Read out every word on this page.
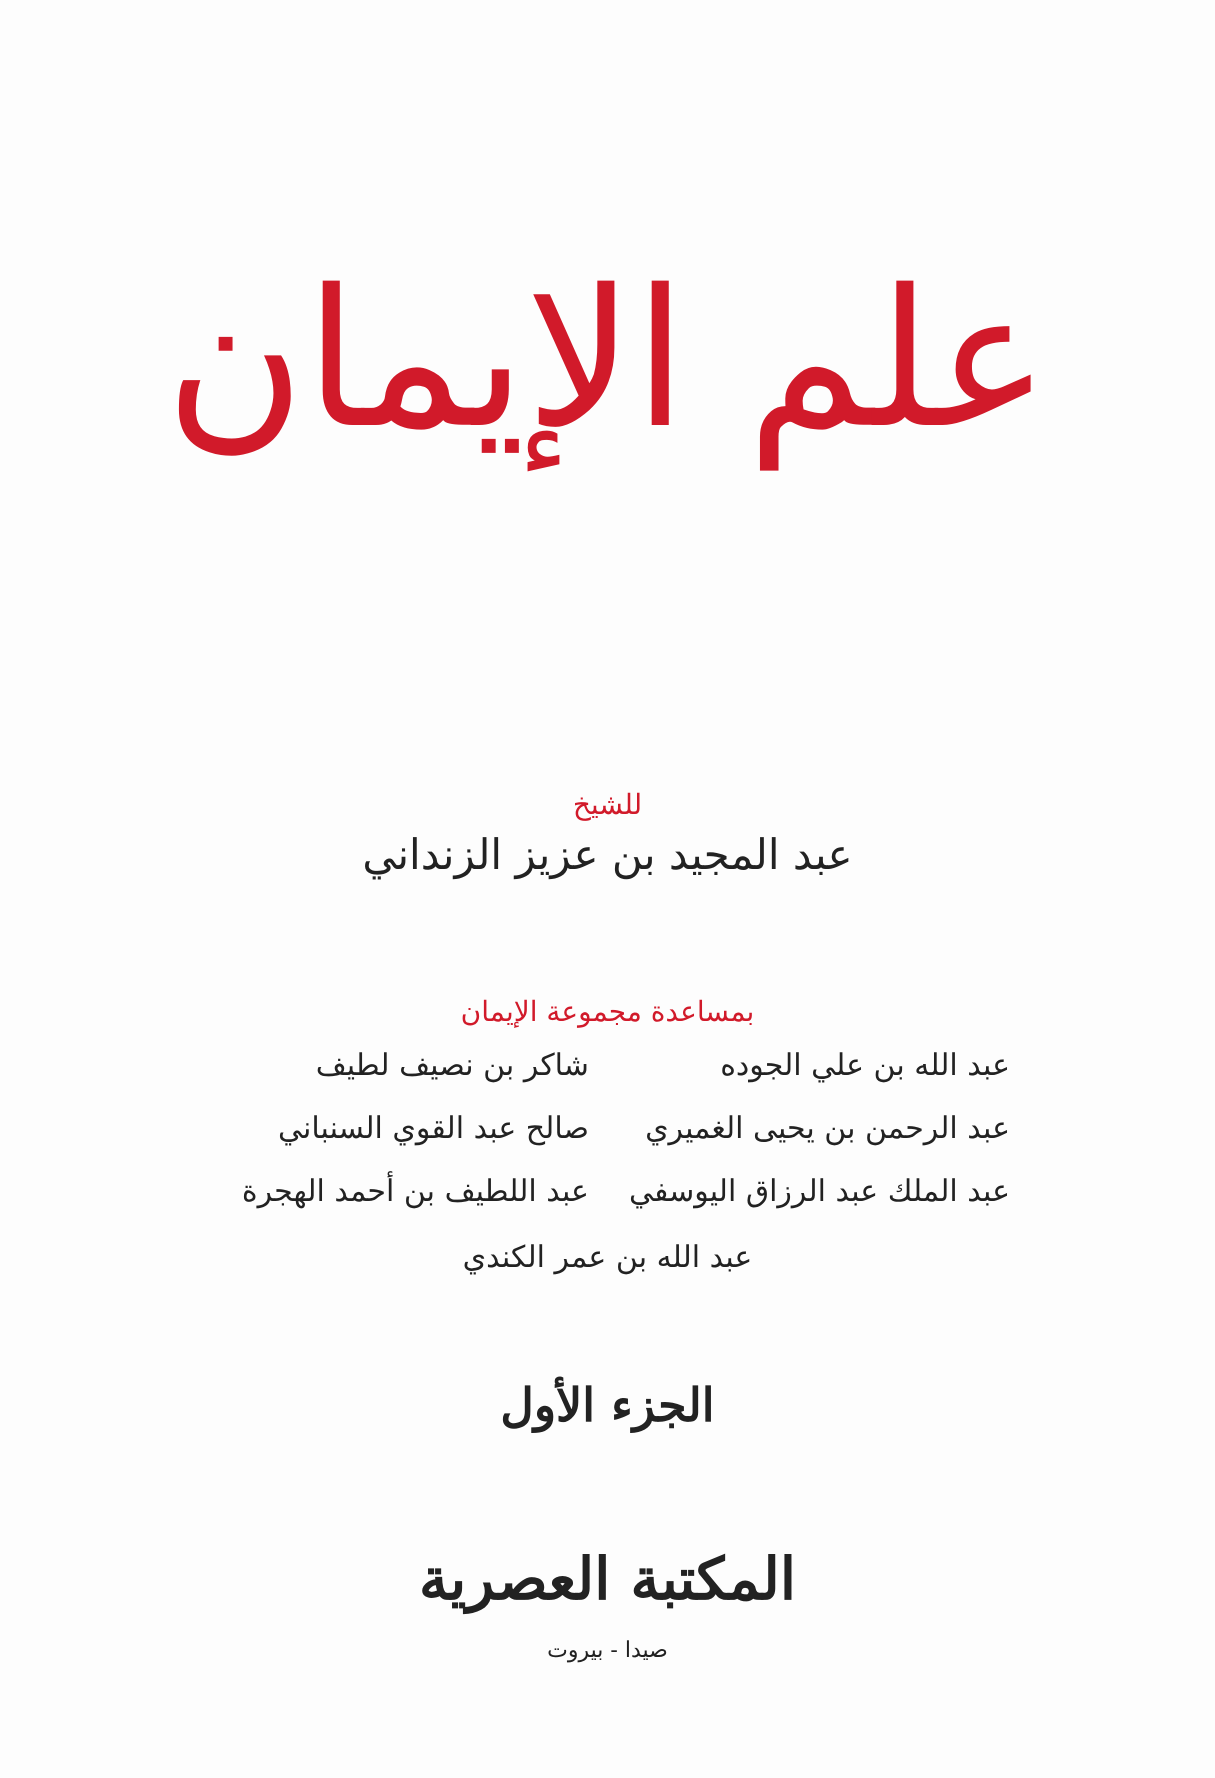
علم الإيمان
للشيخ
عبد المجيد بن عزيز الزنداني
بمساعدة مجموعة الإيمان
عبد الله بن علي الجوده
شاكر بن نصيف لطيف
عبد الرحمن بن يحيى الغميري
صالح عبد القوي السنباني
عبد الملك عبد الرزاق اليوسفي
عبد اللطيف بن أحمد الهجرة
عبد الله بن عمر الكندي
الجزء الأول
المكتبة العصرية
صيدا - بيروت
